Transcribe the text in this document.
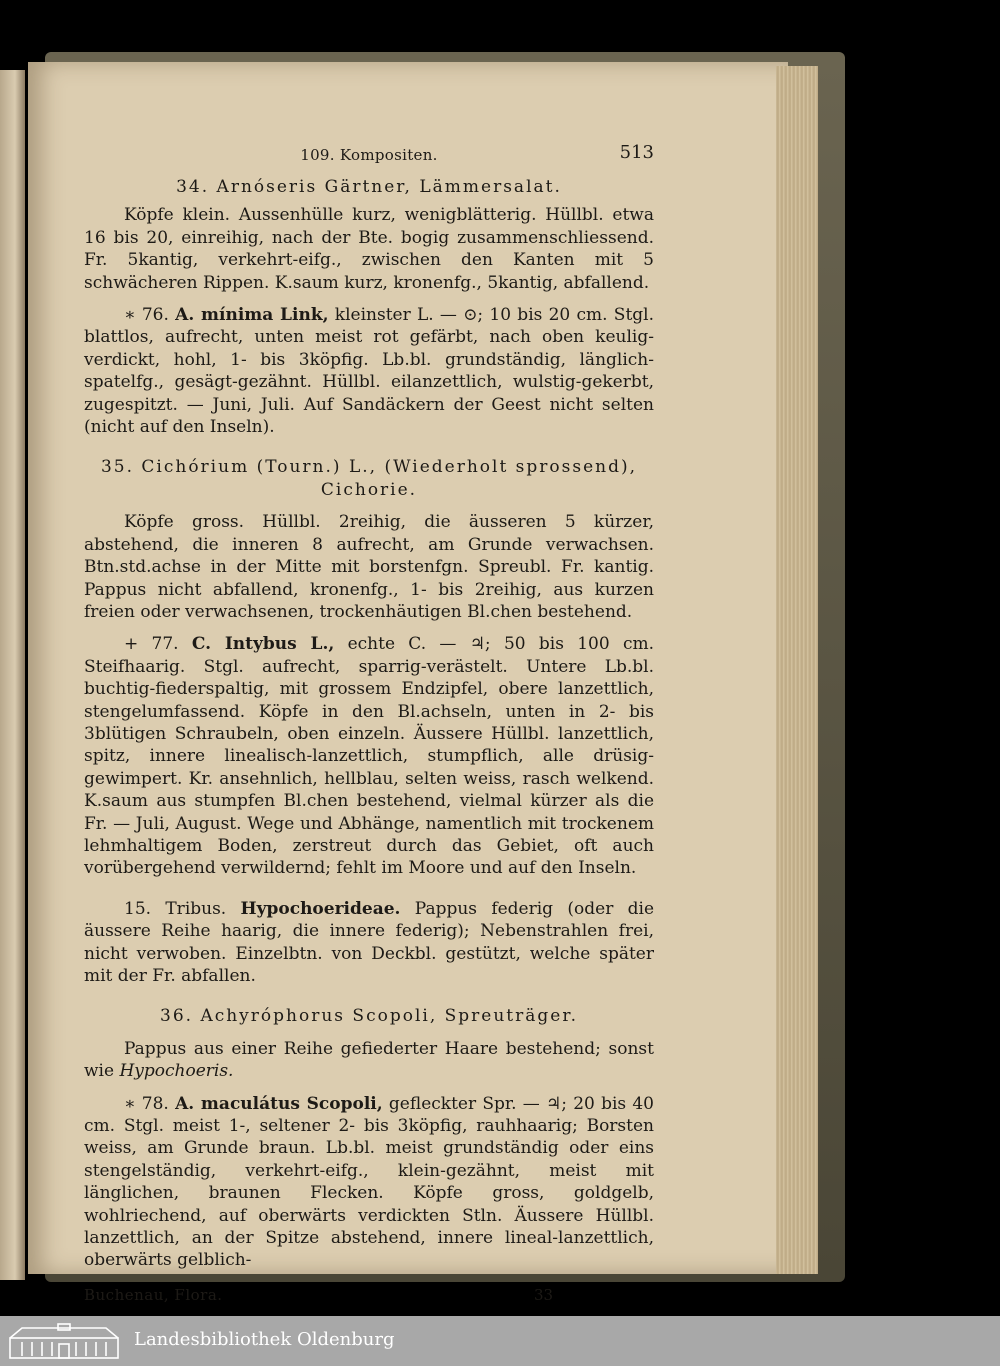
109. Kompositen.	513

34. Arnóseris Gärtner, Lämmersalat.

Köpfe klein. Aussenhülle kurz, wenigblätterig. Hüllbl. etwa 16 bis 20, einreihig, nach der Bte. bogig zusammenschliessend. Fr. 5kantig, verkehrt-eifg., zwischen den Kanten mit 5 schwächeren Rippen. K.saum kurz, kronenfg., 5kantig, abfallend.

∗ 76. A. mínima Link, kleinster L. — ⊙; 10 bis 20 cm. Stgl. blattlos, aufrecht, unten meist rot gefärbt, nach oben keulig-verdickt, hohl, 1- bis 3köpfig. Lb.bl. grundständig, länglich-spatelfg., gesägt-gezähnt. Hüllbl. eilanzettlich, wulstig-gekerbt, zugespitzt. — Juni, Juli. Auf Sandäckern der Geest nicht selten (nicht auf den Inseln).

35. Cichórium (Tourn.) L., (Wiederholt sprossend), Cichorie.

Köpfe gross. Hüllbl. 2reihig, die äusseren 5 kürzer, abstehend, die inneren 8 aufrecht, am Grunde verwachsen. Btn.std.achse in der Mitte mit borstenfgn. Spreubl. Fr. kantig. Pappus nicht abfallend, kronenfg., 1- bis 2reihig, aus kurzen freien oder verwachsenen, trockenhäutigen Bl.chen bestehend.

+ 77. C. Intybus L., echte C. — ♃; 50 bis 100 cm. Steifhaarig. Stgl. aufrecht, sparrig-verästelt. Untere Lb.bl. buchtig-fiederspaltig, mit grossem Endzipfel, obere lanzettlich, stengelumfassend. Köpfe in den Bl.achseln, unten in 2- bis 3blütigen Schraubeln, oben einzeln. Äussere Hüllbl. lanzettlich, spitz, innere linealisch-lanzettlich, stumpflich, alle drüsig-gewimpert. Kr. ansehnlich, hellblau, selten weiss, rasch welkend. K.saum aus stumpfen Bl.chen bestehend, vielmal kürzer als die Fr. — Juli, August. Wege und Abhänge, namentlich mit trockenem lehmhaltigem Boden, zerstreut durch das Gebiet, oft auch vorübergehend verwildernd; fehlt im Moore und auf den Inseln.

15. Tribus. Hypochoerideae. Pappus federig (oder die äussere Reihe haarig, die innere federig); Nebenstrahlen frei, nicht verwoben. Einzelbtn. von Deckbl. gestützt, welche später mit der Fr. abfallen.

36. Achyróphorus Scopoli, Spreuträger.

Pappus aus einer Reihe gefiederter Haare bestehend; sonst wie Hypochoeris.

∗ 78. A. maculátus Scopoli, gefleckter Spr. — ♃; 20 bis 40 cm. Stgl. meist 1-, seltener 2- bis 3köpfig, rauhhaarig; Borsten weiss, am Grunde braun. Lb.bl. meist grundständig oder eins stengelständig, verkehrt-eifg., klein-gezähnt, meist mit länglichen, braunen Flecken. Köpfe gross, goldgelb, wohlriechend, auf oberwärts verdickten Stln. Äussere Hüllbl. lanzettlich, an der Spitze abstehend, innere lineal-lanzettlich, oberwärts gelblich-

Buchenau, Flora.	33
Landesbibliothek Oldenburg
